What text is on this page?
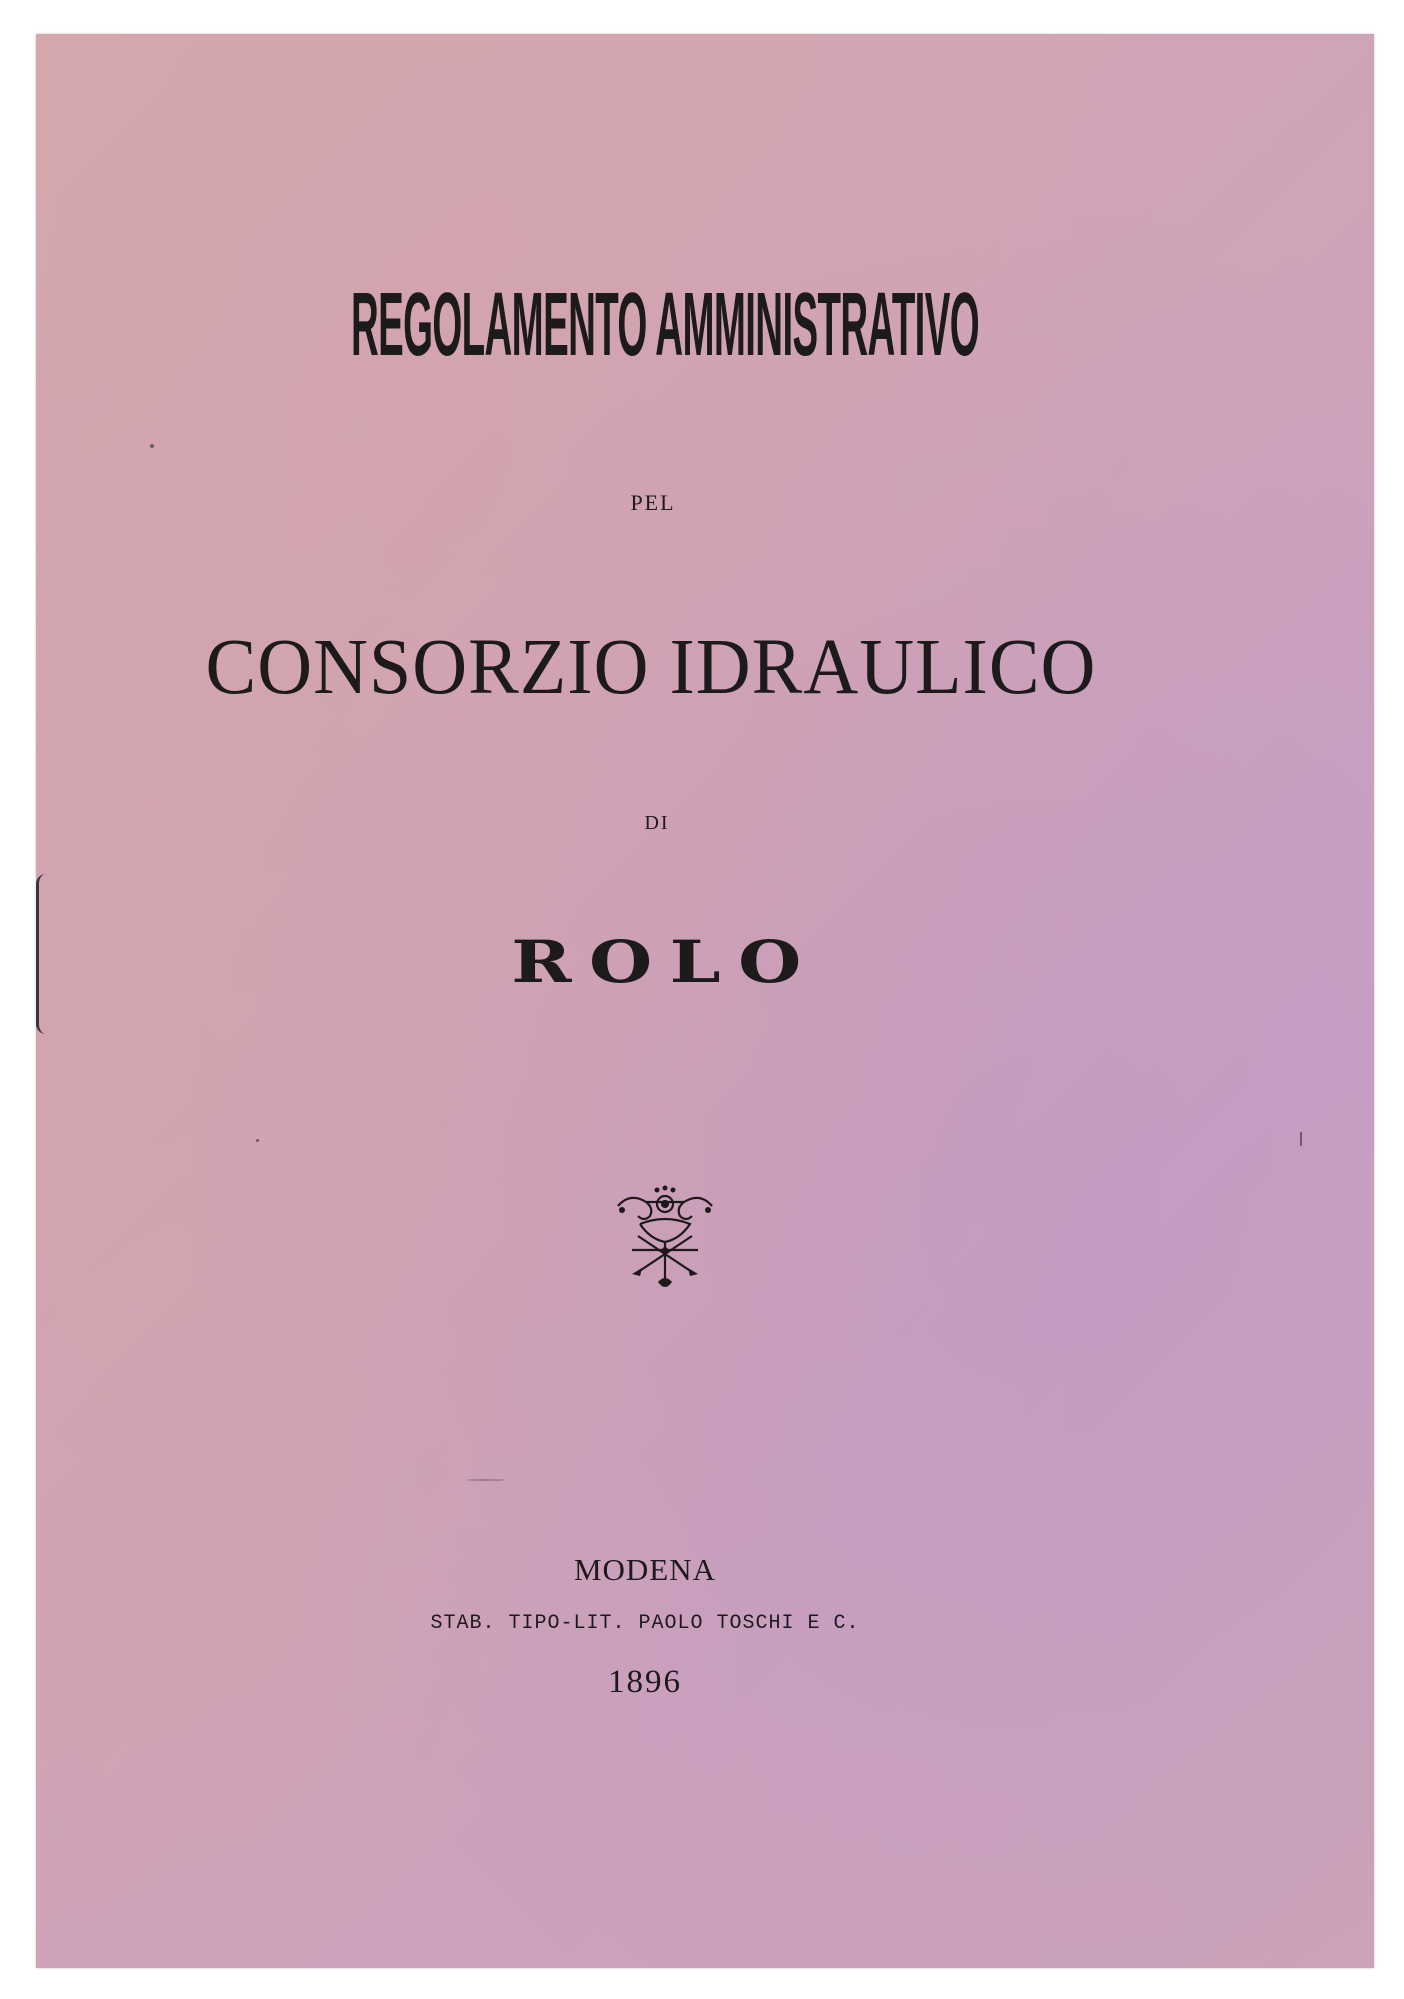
REGOLAMENTO AMMINISTRATIVO
PEL
CONSORZIO IDRAULICO
DI
ROLO
MODENA
STAB. TIPO-LIT. PAOLO TOSCHI E C.
1896
